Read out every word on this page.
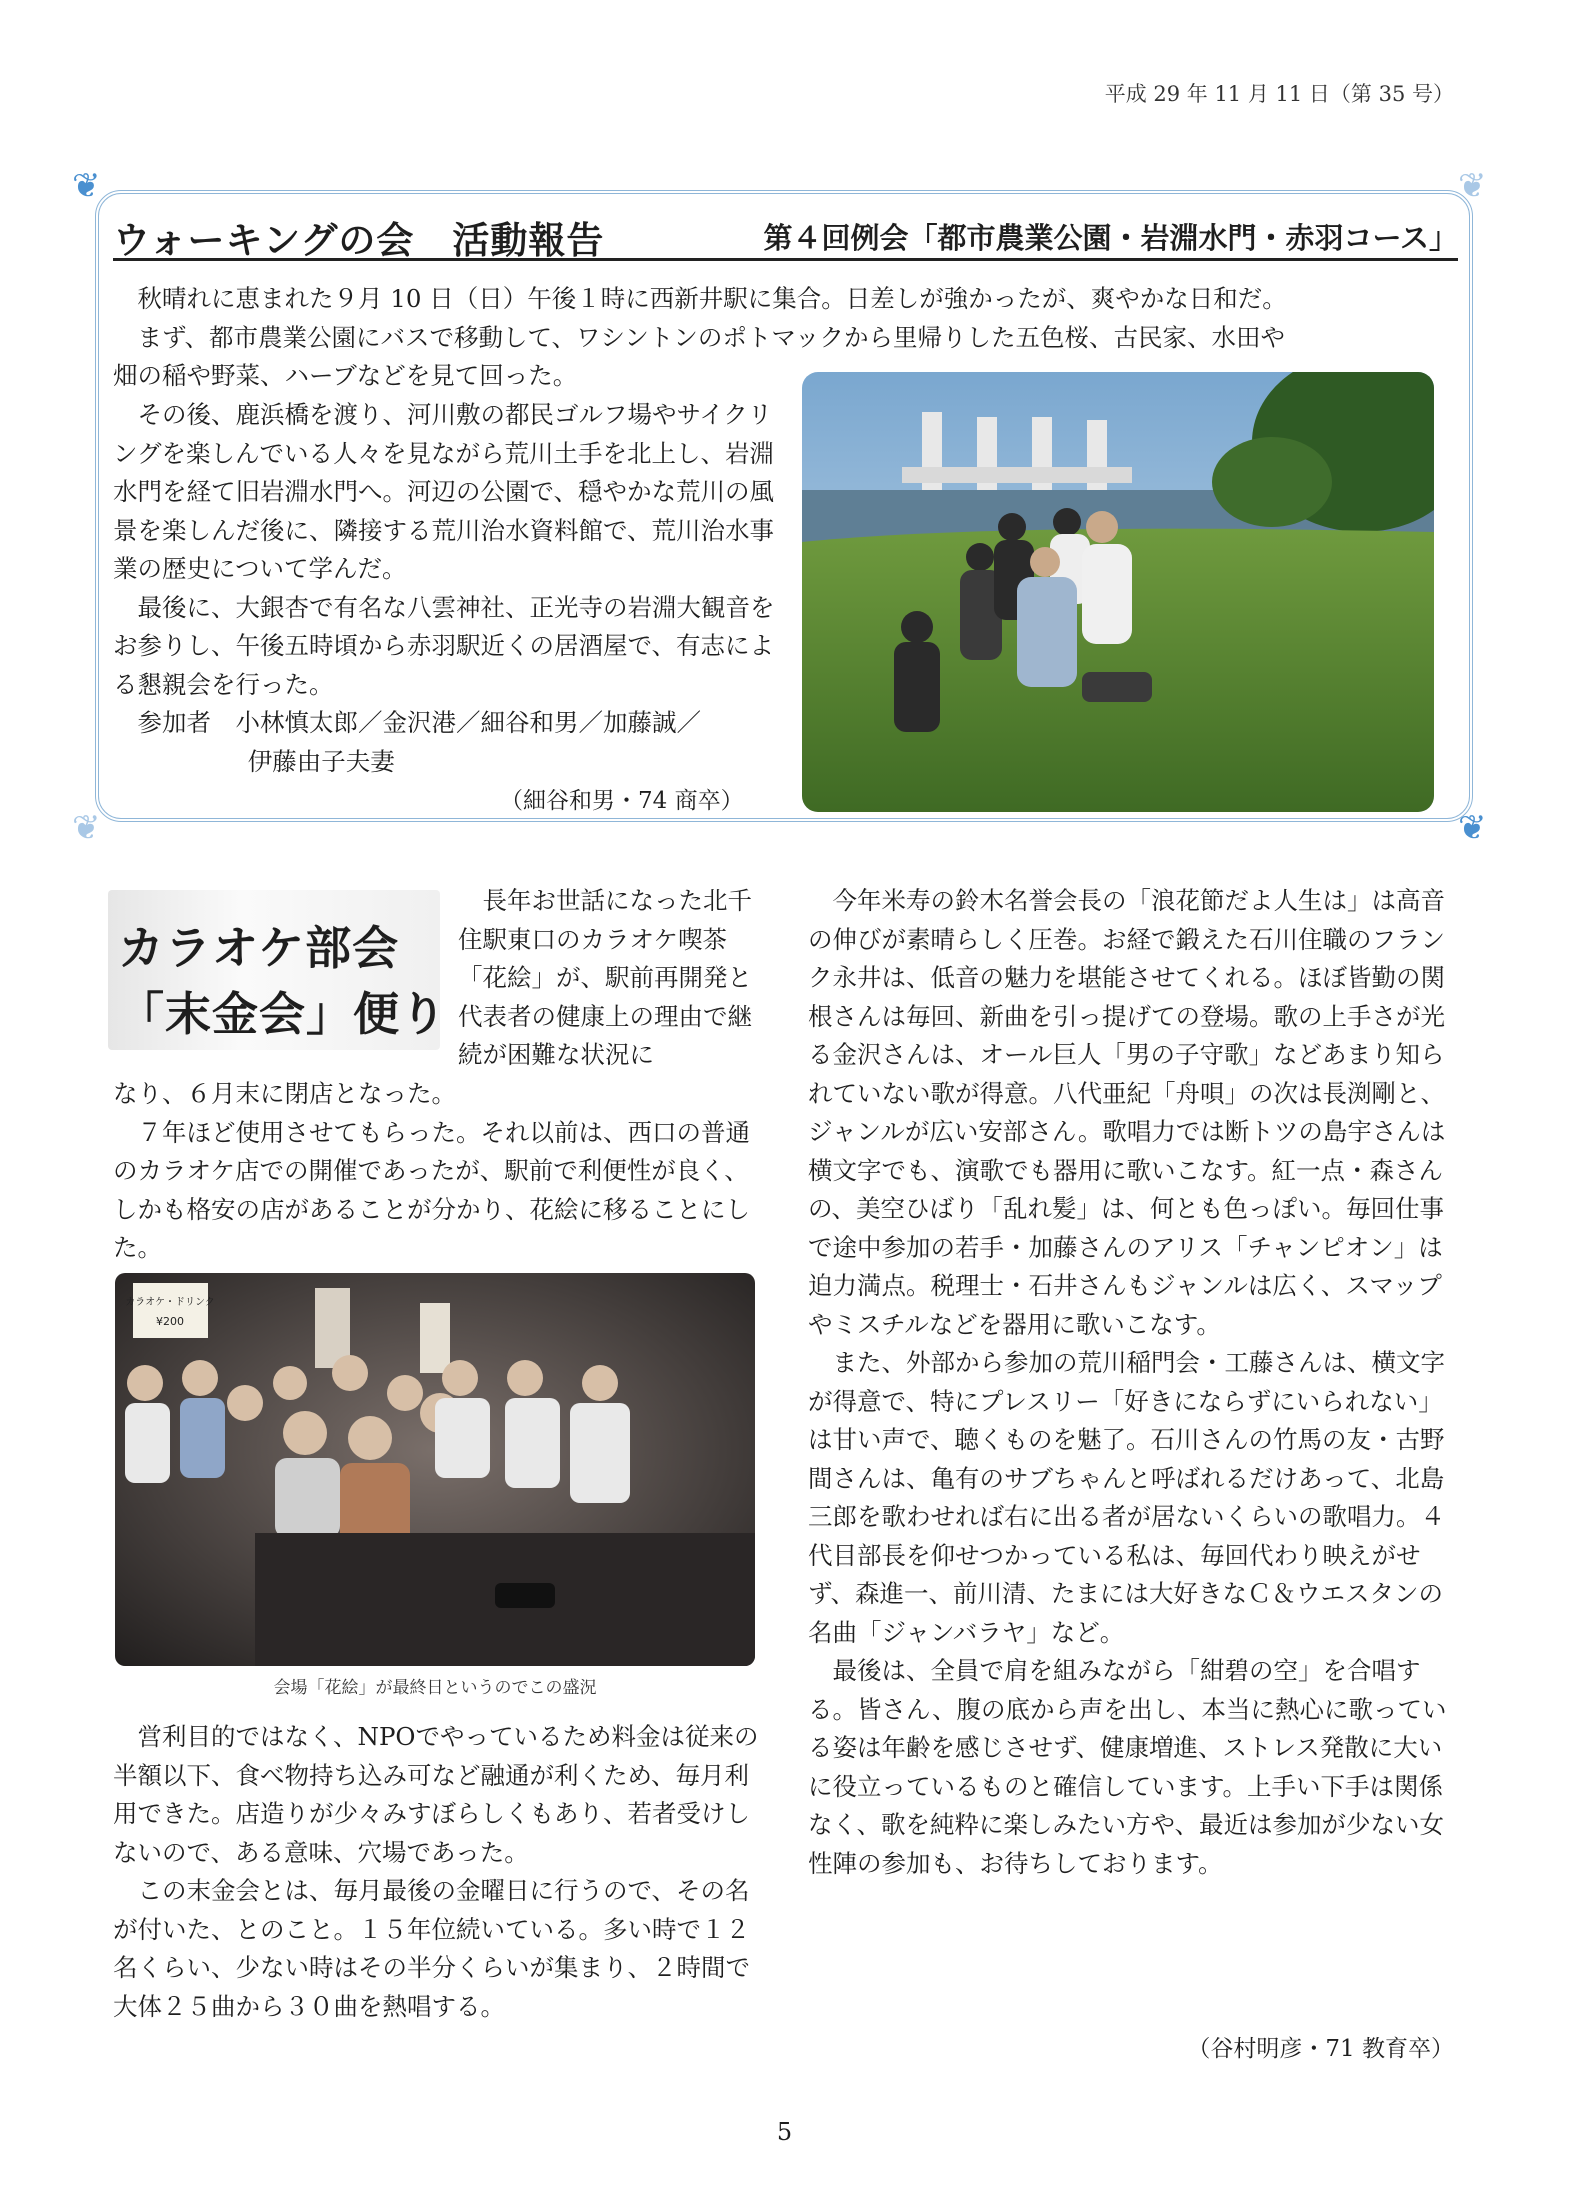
平成 29 年 11 月 11 日（第 35 号）
❦	❦
❦	❦
ウォーキングの会　活動報告	第４回例会「都市農業公園・岩淵水門・赤羽コース」

　秋晴れに恵まれた９月 10 日（日）午後１時に西新井駅に集合。日差しが強かったが、爽やかな日和だ。

　まず、都市農業公園にバスで移動して、ワシントンのポトマックから里帰りした五色桜、古民家、水田や

畑の稲や野菜、ハーブなどを見て回った。

その後、鹿浜橋を渡り、河川敷の都民ゴルフ場やサイクリングを楽しんでいる人々を見ながら荒川土手を北上し、岩淵水門を経て旧岩淵水門へ。河辺の公園で、穏やかな荒川の風景を楽しんだ後に、隣接する荒川治水資料館で、荒川治水事業の歴史について学んだ。

最後に、大銀杏で有名な八雲神社、正光寺の岩淵大観音をお参りし、午後五時頃から赤羽駅近くの居酒屋で、有志による懇親会を行った。

参加者　小林慎太郎／金沢港／細谷和男／加藤誠／

伊藤由子夫妻

（細谷和男・74 商卒）
カラオケ部会
「末金会」便り

長年お世話になった北千住駅東口のカラオケ喫茶「花絵」が、駅前再開発と代表者の健康上の理由で継続が困難な状況に

なり、６月末に閉店となった。

７年ほど使用させてもらった。それ以前は、西口の普通のカラオケ店での開催であったが、駅前で利便性が良く、しかも格安の店があることが分かり、花絵に移ることにした。

カラオケ・ドリンク
¥200
会場「花絵」が最終日というのでこの盛況

営利目的ではなく、NPOでやっているため料金は従来の半額以下、食べ物持ち込み可など融通が利くため、毎月利用できた。店造りが少々みすぼらしくもあり、若者受けしないので、ある意味、穴場であった。

この末金会とは、毎月最後の金曜日に行うので、その名が付いた、とのこと。１５年位続いている。多い時で１２名くらい、少ない時はその半分くらいが集まり、２時間で大体２５曲から３０曲を熱唱する。

今年米寿の鈴木名誉会長の「浪花節だよ人生は」は高音の伸びが素晴らしく圧巻。お経で鍛えた石川住職のフランク永井は、低音の魅力を堪能させてくれる。ほぼ皆勤の関根さんは毎回、新曲を引っ提げての登場。歌の上手さが光る金沢さんは、オール巨人「男の子守歌」などあまり知られていない歌が得意。八代亜紀「舟唄」の次は長渕剛と、ジャンルが広い安部さん。歌唱力では断トツの島宇さんは横文字でも、演歌でも器用に歌いこなす。紅一点・森さんの、美空ひばり「乱れ髪」は、何とも色っぽい。毎回仕事で途中参加の若手・加藤さんのアリス「チャンピオン」は迫力満点。税理士・石井さんもジャンルは広く、スマップやミスチルなどを器用に歌いこなす。

また、外部から参加の荒川稲門会・工藤さんは、横文字が得意で、特にプレスリー「好きにならずにいられない」は甘い声で、聴くものを魅了。石川さんの竹馬の友・古野間さんは、亀有のサブちゃんと呼ばれるだけあって、北島三郎を歌わせれば右に出る者が居ないくらいの歌唱力。４代目部長を仰せつかっている私は、毎回代わり映えがせず、森進一、前川清、たまには大好きなＣ＆ウエスタンの名曲「ジャンバラヤ」など。

最後は、全員で肩を組みながら「紺碧の空」を合唱する。皆さん、腹の底から声を出し、本当に熱心に歌っている姿は年齢を感じさせず、健康増進、ストレス発散に大いに役立っているものと確信しています。上手い下手は関係なく、歌を純粋に楽しみたい方や、最近は参加が少ない女性陣の参加も、お待ちしております。

（谷村明彦・71 教育卒）
5
